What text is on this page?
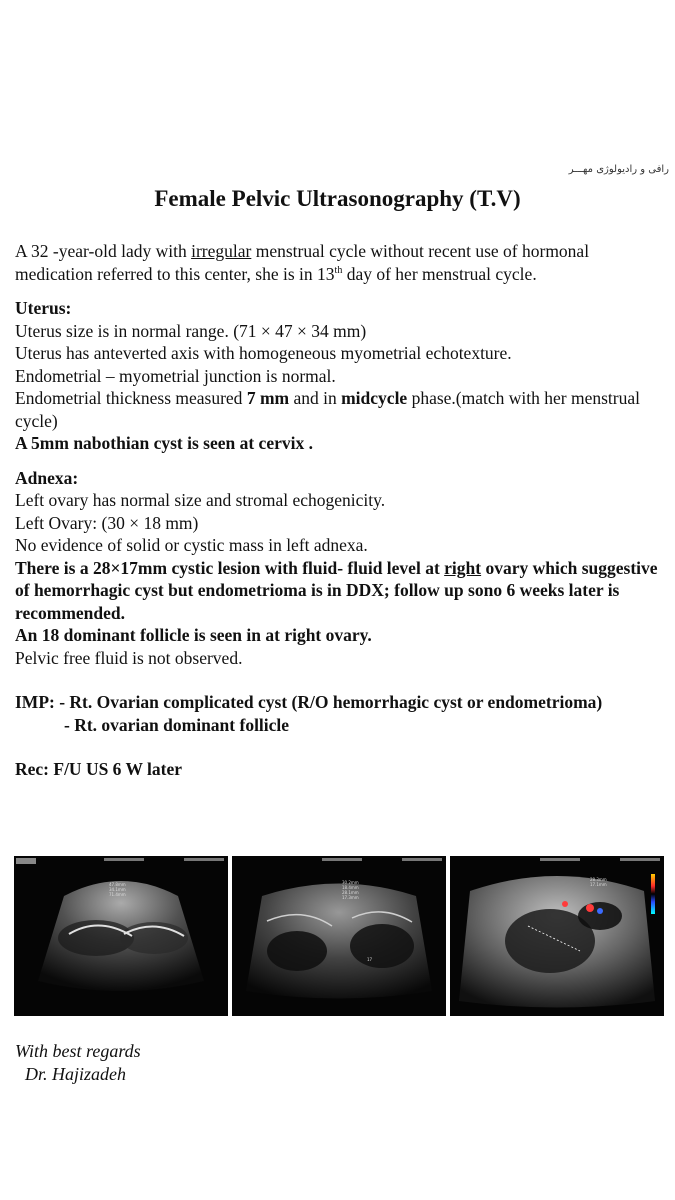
رافی و رادیولوژی مهـــر
Female Pelvic Ultrasonography (T.V)

A 32 -year-old lady with irregular menstrual cycle without recent use of hormonal medication referred to this center, she is in 13th day of her menstrual cycle.

Uterus:

Uterus size is in normal range. (71 × 47 × 34 mm)

Uterus has anteverted axis with homogeneous myometrial echotexture.

Endometrial – myometrial junction is normal.

Endometrial thickness measured 7 mm and in midcycle phase.(match with her menstrual cycle)

A 5mm nabothian cyst is seen at cervix .

Adnexa:

Left ovary has normal size and stromal echogenicity.

Left Ovary: (30 × 18 mm)

No evidence of solid or cystic mass in left adnexa.

There is a 28×17mm cystic lesion with fluid- fluid level at right ovary which suggestive of hemorrhagic cyst but endometrioma is in DDX; follow up sono 6 weeks later is recommended.

An 18 dominant follicle is seen in at right ovary.

Pelvic free fluid is not observed.

IMP: - Rt. Ovarian complicated cyst (R/O hemorrhagic cyst or endometrioma)

- Rt. ovarian dominant follicle

Rec: F/U US 6 W later

47.8mm
34.1mm
71.4mm
30.2mm
18.4mm
28.1mm
17.3mm
17
28.3mm
17.1mm
With best regards
Dr. Hajizadeh
